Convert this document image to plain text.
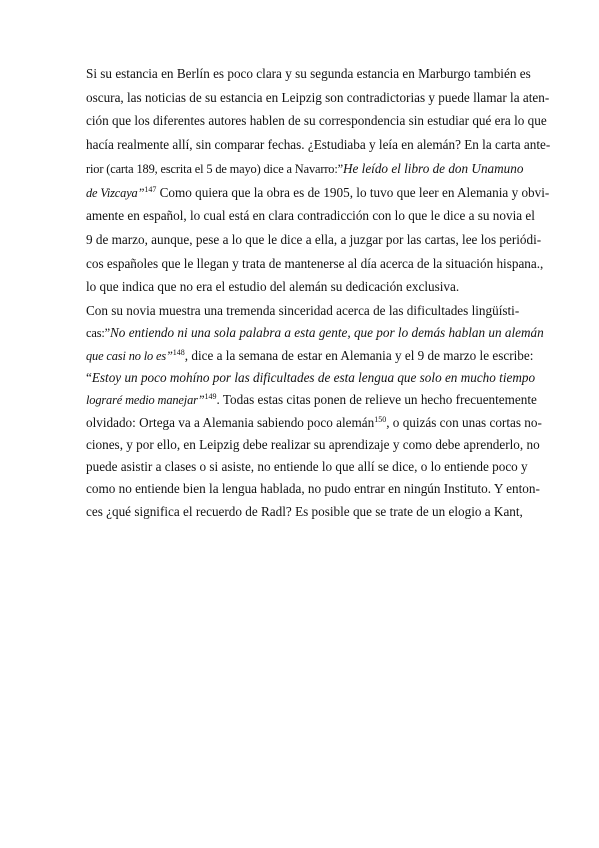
Si su estancia en Berlín es poco clara y su segunda estancia en Marburgo también es
oscura, las noticias de su estancia en Leipzig son contradictorias y puede llamar la aten-
ción que los diferentes autores hablen de su correspondencia sin estudiar qué era lo que
hacía realmente allí, sin comparar fechas. ¿Estudiaba y leía en alemán? En la carta ante-
rior (carta 189, escrita el 5 de mayo) dice a Navarro:”He leído el libro de don Unamuno
de Vizcaya”$^{147}$ Como quiera que la obra es de 1905, lo tuvo que leer en Alemania y obvi-
amente en español, lo cual está en clara contradicción con lo que le dice a su novia el
9 de marzo, aunque, pese a lo que le dice a ella, a juzgar por las cartas, lee los periódi-
cos españoles que le llegan y trata de mantenerse al día acerca de la situación hispana.,
lo que indica que no era el estudio del alemán su dedicación exclusiva.
Con su novia muestra una tremenda sinceridad acerca de las dificultades lingüísti-
cas:”No entiendo ni una sola palabra a esta gente, que por lo demás hablan un alemán
que casi no lo es”$^{148}$, dice a la semana de estar en Alemania y el 9 de marzo le escribe:
“Estoy un poco mohíno por las dificultades de esta lengua que solo en mucho tiempo
lograré medio manejar”$^{149}$. Todas estas citas ponen de relieve un hecho frecuentemente
olvidado: Ortega va a Alemania sabiendo poco alemán$^{150}$, o quizás con unas cortas no-
ciones, y por ello, en Leipzig debe realizar su aprendizaje y como debe aprenderlo, no
puede asistir a clases o si asiste, no entiende lo que allí se dice, o lo entiende poco y
como no entiende bien la lengua hablada, no pudo entrar en ningún Instituto. Y enton-
ces ¿qué significa el recuerdo de Radl? Es posible que se trate de un elogio a Kant,
